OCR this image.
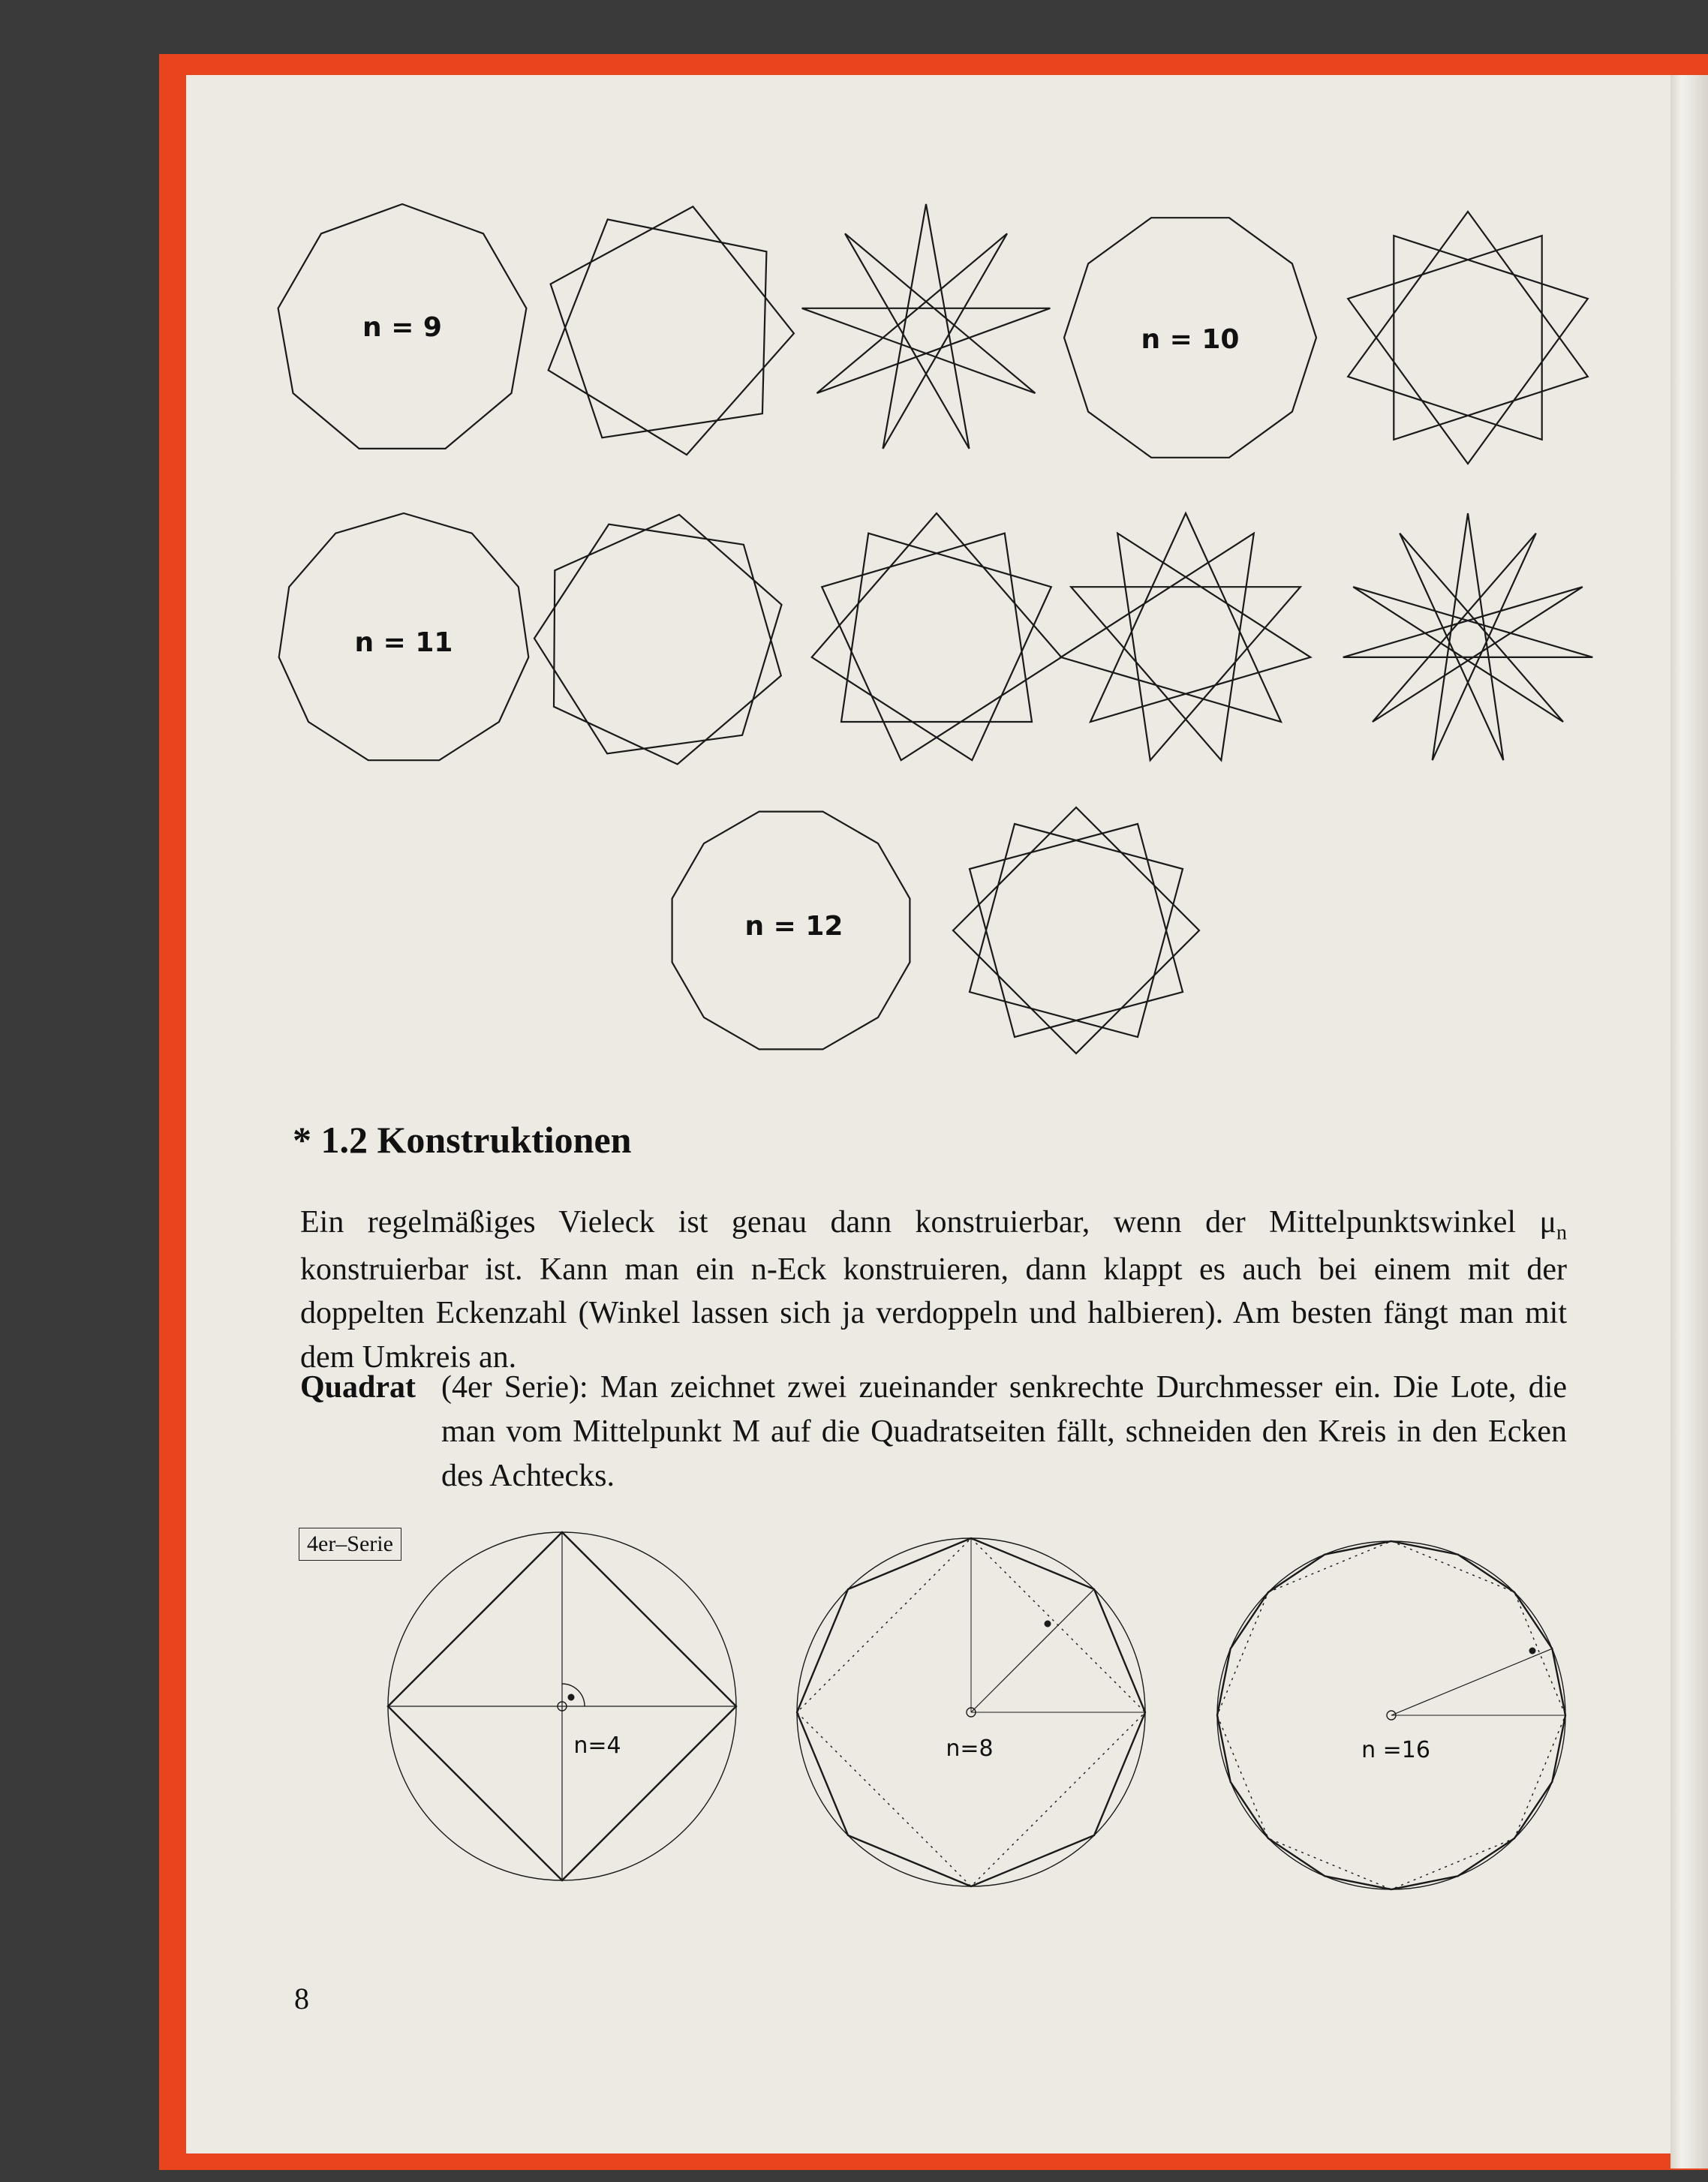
n = 9	n = 10
n = 11
n = 12
n=4	n=8	n =16
* 1.2 Konstruktionen

Ein regelmäßiges Vieleck ist genau dann konstruierbar, wenn der Mittelpunktswinkel $\mu_n$ konstruierbar ist. Kann man ein n-Eck konstruieren, dann klappt es auch bei einem mit der doppelten Eckenzahl (Winkel lassen sich ja verdoppeln und halbieren). Am besten fängt man mit dem Umkreis an.

Quadrat (4er Serie): Man zeichnet zwei zueinander senkrechte Durchmesser ein. Die Lote, die man vom Mittelpunkt M auf die Quadratseiten fällt, schneiden den Kreis in den Ecken des Achtecks.

4er–Serie

8
